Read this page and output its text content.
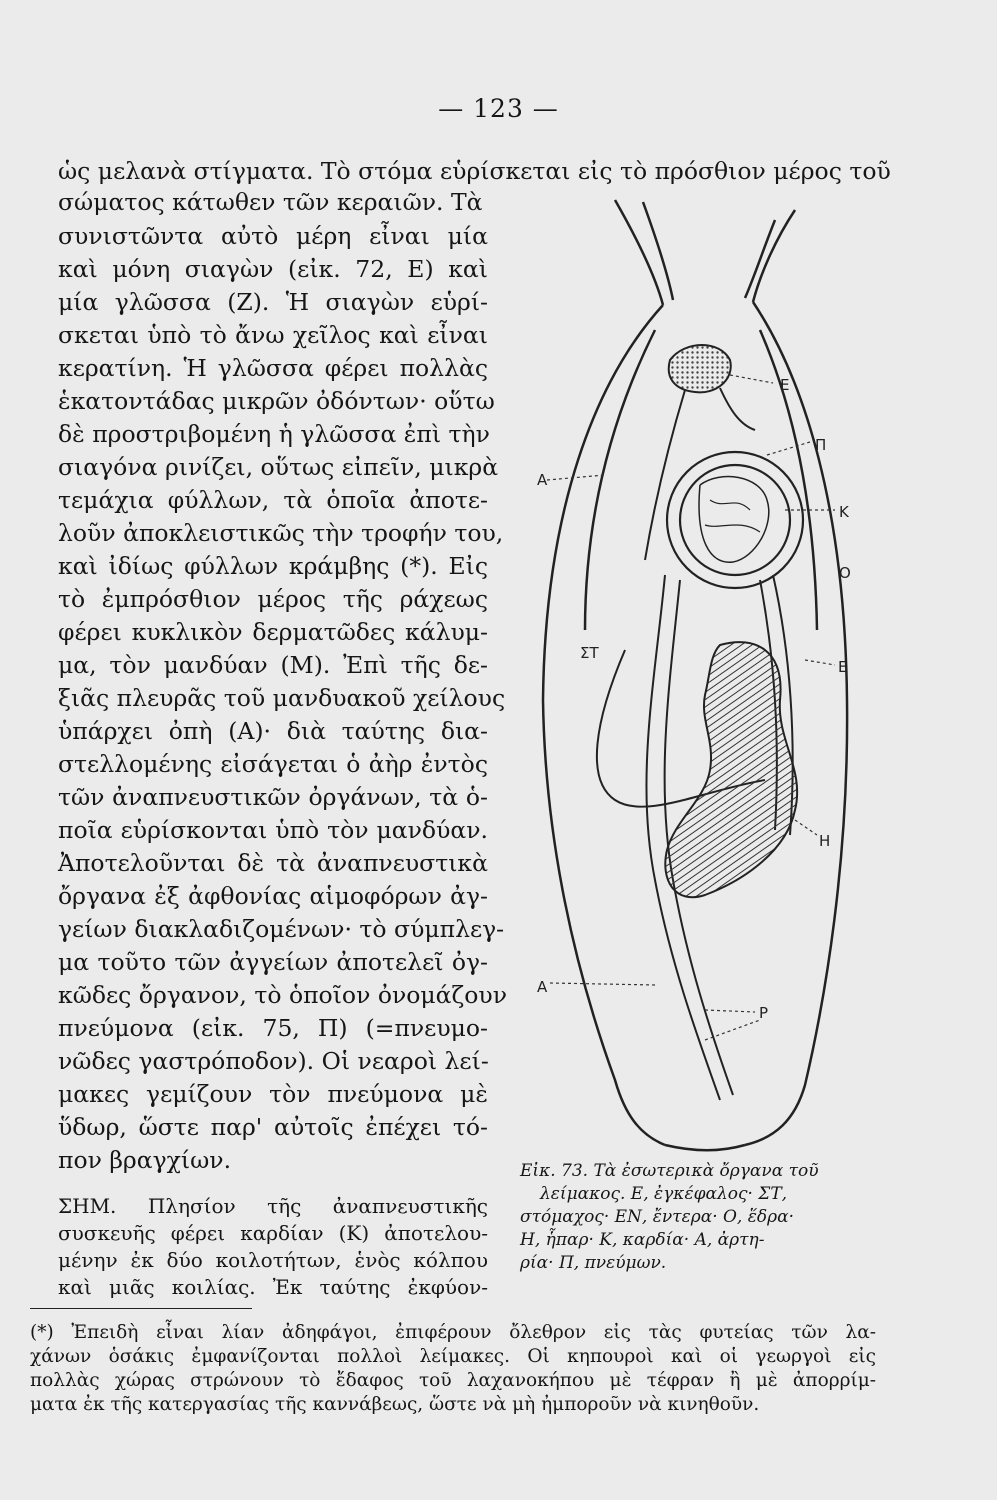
— 123 —
ὡς μελανὰ στίγματα. Τὸ στόμα εὑρίσκεται εἰς τὸ πρόσθιον μέρος τοῦ
σώματος κάτωθεν τῶν κεραιῶν. Τὰ
συνιστῶντα αὐτὸ μέρη εἶναι μία
καὶ μόνη σιαγὼν (εἰκ. 72, Ε) καὶ
μία γλῶσσα (Ζ). Ἡ σιαγὼν εὑρί-
σκεται ὑπὸ τὸ ἄνω χεῖλος καὶ εἶναι
κερατίνη. Ἡ γλῶσσα φέρει πολλὰς
ἑκατοντάδας μικρῶν ὀδόντων· οὕτω
δὲ προστριβομένη ἡ γλῶσσα ἐπὶ τὴν
σιαγόνα ρινίζει, οὕτως εἰπεῖν, μικρὰ
τεμάχια φύλλων, τὰ ὁποῖα ἀποτε-
λοῦν ἀποκλειστικῶς τὴν τροφήν του,
καὶ ἰδίως φύλλων κράμβης (*). Εἰς
τὸ ἐμπρόσθιον μέρος τῆς ράχεως
φέρει κυκλικὸν δερματῶδες κάλυμ-
μα, τὸν μανδύαν (Μ). Ἐπὶ τῆς δε-
ξιᾶς πλευρᾶς τοῦ μανδυακοῦ χείλους
ὑπάρχει ὀπὴ (Α)· διὰ ταύτης δια-
στελλομένης εἰσάγεται ὁ ἀὴρ ἐντὸς
τῶν ἀναπνευστικῶν ὀργάνων, τὰ ὁ-
ποῖα εὑρίσκονται ὑπὸ τὸν μανδύαν.
Ἀποτελοῦνται δὲ τὰ ἀναπνευστικὰ
ὄργανα ἐξ ἀφθονίας αἱμοφόρων ἀγ-
γείων διακλαδιζομένων· τὸ σύμπλεγ-
μα τοῦτο τῶν ἀγγείων ἀποτελεῖ ὀγ-
κῶδες ὄργανον, τὸ ὁποῖον ὀνομάζουν
πνεύμονα (εἰκ. 75, Π) (=πνευμο-
νῶδες γαστρόποδον). Οἱ νεαροὶ λεί-
μακες γεμίζουν τὸν πνεύμονα μὲ
ὕδωρ, ὥστε παρ' αὐτοῖς ἐπέχει τό-
πον βραγχίων.
ΣΗΜ. Πλησίον τῆς ἀναπνευστικῆς
συσκευῆς φέρει καρδίαν (Κ) ἀποτελου-
μένην ἐκ δύο κοιλοτήτων, ἑνὸς κόλπου
καὶ μιᾶς κοιλίας. Ἐκ ταύτης ἐκφύον-
Ε
Π
Α
Κ
Ο
ΣΤ
Ε
Η
Α
Ρ
Εἰκ. 73. Τὰ ἐσωτερικὰ ὄργανα τοῦ
λείμακος. Ε, ἐγκέφαλος· ΣΤ,
στόμαχος· ΕΝ, ἔντερα· Ο, ἕδρα·
Η, ἧπαρ· Κ, καρδία· Α, ἀρτη-
ρία· Π, πνεύμων.
(*) Ἐπειδὴ εἶναι λίαν ἀδηφάγοι, ἐπιφέρουν ὄλεθρον εἰς τὰς φυτείας τῶν λα-
χάνων ὁσάκις ἐμφανίζονται πολλοὶ λείμακες. Οἱ κηπουροὶ καὶ οἱ γεωργοὶ εἰς
πολλὰς χώρας στρώνουν τὸ ἔδαφος τοῦ λαχανοκήπου μὲ τέφραν ἢ μὲ ἀπορρίμ-
ματα ἐκ τῆς κατεργασίας τῆς καννάβεως, ὥστε νὰ μὴ ἠμποροῦν νὰ κινηθοῦν.
